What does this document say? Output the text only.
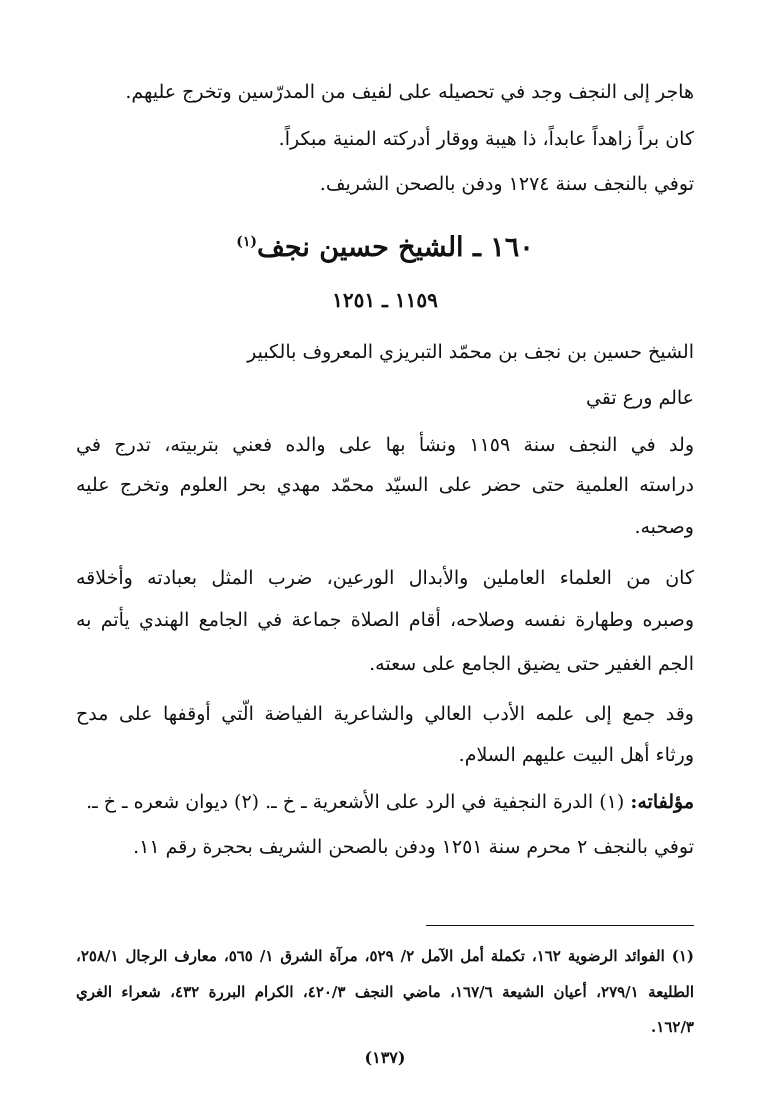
هاجر إلى النجف وجد في تحصيله على لفيف من المدرّسين وتخرج عليهم.
كان براً زاهداً عابداً، ذا هيبة ووقار أدركته المنية مبكراً.
توفي بالنجف سنة ١٢٧٤ ودفن بالصحن الشريف.
١٦٠ ـ الشيخ حسين نجف$^{(١)}$
١١٥٩ ـ ١٢٥١
الشيخ حسين بن نجف بن محمّد التبريزي المعروف بالكبير
عالم ورع تقي
ولد في النجف سنة ١١٥٩ ونشأ بها على والده فعني بتربيته، تدرج في
دراسته العلمية حتى حضر على السيّد محمّد مهدي بحر العلوم وتخرج عليه
وصحبه.
كان من العلماء العاملين والأبدال الورعين، ضرب المثل بعبادته وأخلاقه
وصبره وطهارة نفسه وصلاحه، أقام الصلاة جماعة في الجامع الهندي يأتم به
الجم الغفير حتى يضيق الجامع على سعته.
وقد جمع إلى علمه الأدب العالي والشاعرية الفياضة الّتي أوقفها على مدح
ورثاء أهل البيت عليهم السلام.
مؤلفاته: (١) الدرة النجفية في الرد على الأشعرية ـ خ ـ. (٢) ديوان شعره ـ خ ـ.
توفي بالنجف ٢ محرم سنة ١٢٥١ ودفن بالصحن الشريف بحجرة رقم ١١.
(١) الفوائد الرضوية ١٦٢، تكملة أمل الآمل ٢/ ٥٢٩، مرآة الشرق ١/ ٥٦٥، معارف الرجال ٢٥٨/١،
الطليعة ٢٧٩/١، أعيان الشيعة ١٦٧/٦، ماضي النجف ٤٢٠/٣، الكرام البررة ٤٣٢، شعراء الغري
١٦٢/٣.
(١٣٧)
